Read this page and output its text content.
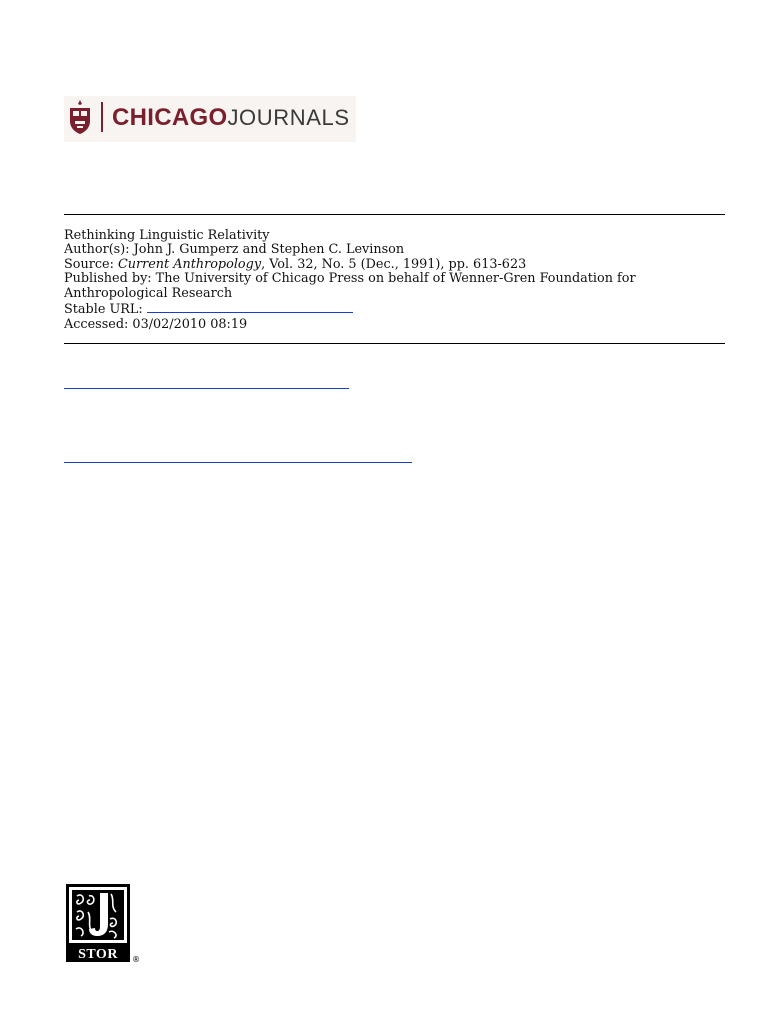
CHICAGOJOURNALS
Rethinking Linguistic Relativity
Author(s): John J. Gumperz and Stephen C. Levinson
Source: Current Anthropology, Vol. 32, No. 5 (Dec., 1991), pp. 613-623
Published by: The University of Chicago Press on behalf of Wenner-Gren Foundation for
Anthropological Research
Stable URL:
Accessed: 03/02/2010 08:19
STOR ®
